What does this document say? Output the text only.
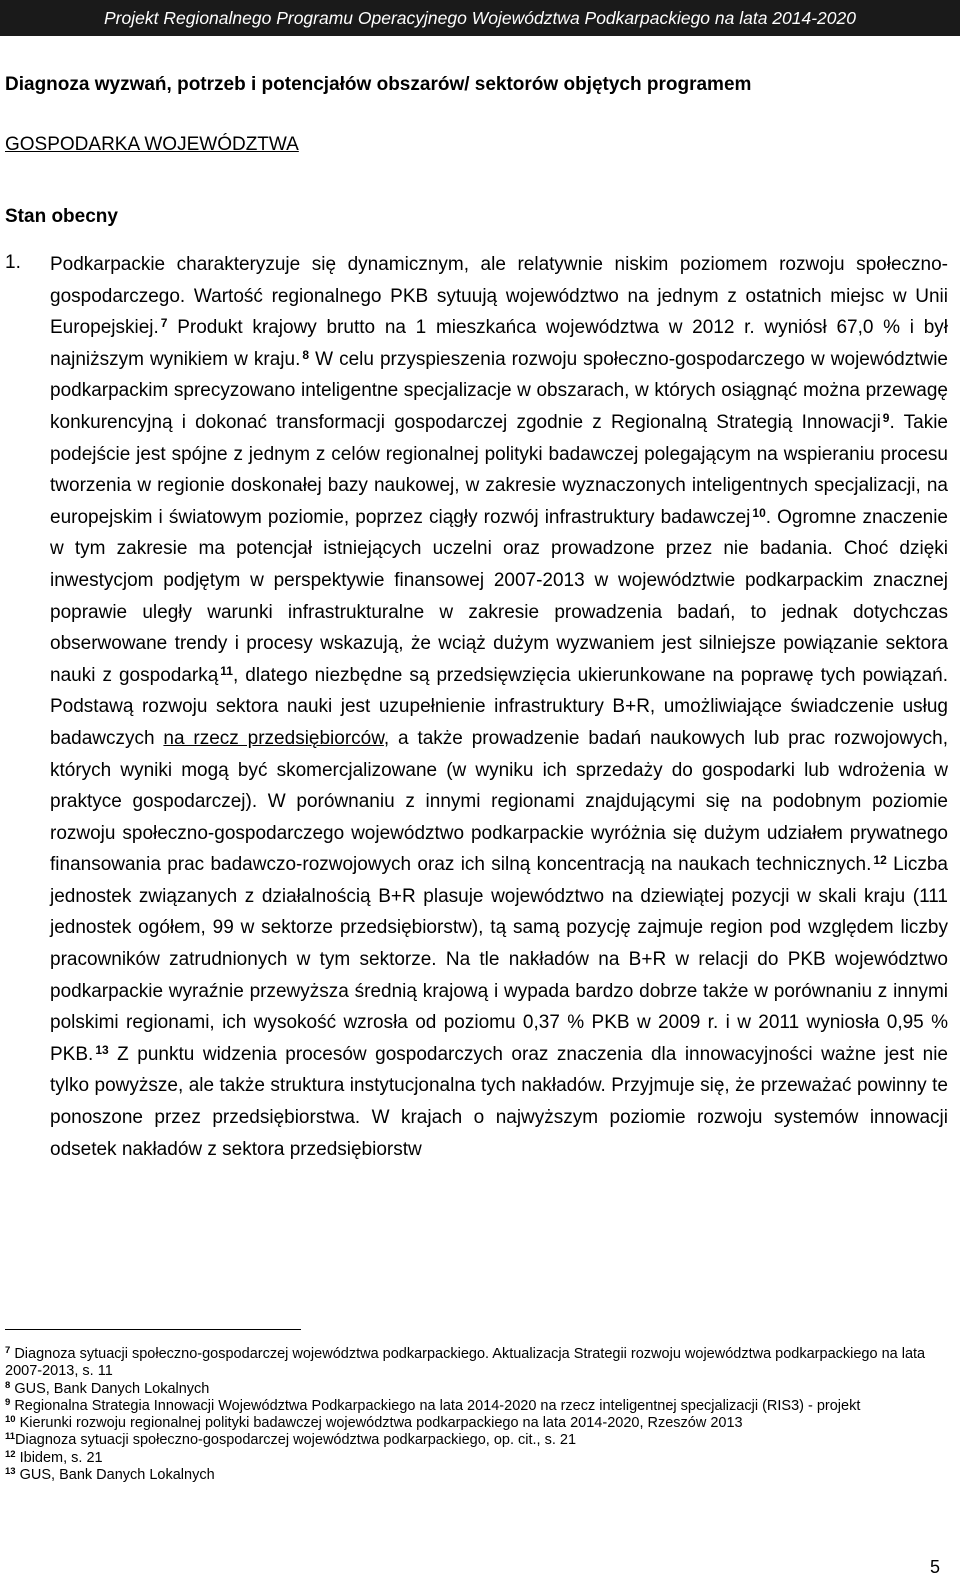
Projekt Regionalnego Programu Operacyjnego Województwa Podkarpackiego na lata 2014-2020
Diagnoza wyzwań, potrzeb i potencjałów obszarów/ sektorów objętych programem
GOSPODARKA WOJEWÓDZTWA
Stan obecny
1.	Podkarpackie charakteryzuje się dynamicznym, ale relatywnie niskim poziomem rozwoju społeczno-gospodarczego. Wartość regionalnego PKB sytuują województwo na jednym z ostatnich miejsc w Unii Europejskiej. $^7$ Produkt krajowy brutto na 1 mieszkańca województwa w 2012 r. wyniósł 67,0 % i był najniższym wynikiem w kraju. $^8$ W celu przyspieszenia rozwoju społeczno-gospodarczego w województwie podkarpackim sprecyzowano inteligentne specjalizacje w obszarach, w których osiągnąć można przewagę konkurencyjną i dokonać transformacji gospodarczej zgodnie z Regionalną Strategią Innowacji $^9$. Takie podejście jest spójne z jednym z celów regionalnej polityki badawczej polegającym na wspieraniu procesu tworzenia w regionie doskonałej bazy naukowej, w zakresie wyznaczonych inteligentnych specjalizacji, na europejskim i światowym poziomie, poprzez ciągły rozwój infrastruktury badawczej $^{10}$. Ogromne znaczenie w tym zakresie ma potencjał istniejących uczelni oraz prowadzone przez nie badania. Choć dzięki inwestycjom podjętym w perspektywie finansowej 2007-2013 w województwie podkarpackim znacznej poprawie uległy warunki infrastrukturalne w zakresie prowadzenia badań, to jednak dotychczas obserwowane trendy i procesy wskazują, że wciąż dużym wyzwaniem jest silniejsze powiązanie sektora nauki z gospodarką $^{11}$, dlatego niezbędne są przedsięwzięcia ukierunkowane na poprawę tych powiązań. Podstawą rozwoju sektora nauki jest uzupełnienie infrastruktury B+R, umożliwiające świadczenie usług badawczych na rzecz przedsiębiorców, a także prowadzenie badań naukowych lub prac rozwojowych, których wyniki mogą być skomercjalizowane (w wyniku ich sprzedaży do gospodarki lub wdrożenia w praktyce gospodarczej). W porównaniu z innymi regionami znajdującymi się na podobnym poziomie rozwoju społeczno-gospodarczego województwo podkarpackie wyróżnia się dużym udziałem prywatnego finansowania prac badawczo-rozwojowych oraz ich silną koncentracją na naukach technicznych. $^{12}$ Liczba jednostek związanych z działalnością B+R plasuje województwo na dziewiątej pozycji w skali kraju (111 jednostek ogółem, 99 w sektorze przedsiębiorstw), tą samą pozycję zajmuje region pod względem liczby pracowników zatrudnionych w tym sektorze. Na tle nakładów na B+R w relacji do PKB województwo podkarpackie wyraźnie przewyższa średnią krajową i wypada bardzo dobrze także w porównaniu z innymi polskimi regionami, ich wysokość wzrosła od poziomu 0,37 % PKB w 2009 r. i w 2011 wyniosła 0,95 % PKB. $^{13}$ Z punktu widzenia procesów gospodarczych oraz znaczenia dla innowacyjności ważne jest nie tylko powyższe, ale także struktura instytucjonalna tych nakładów. Przyjmuje się, że przeważać powinny te ponoszone przez przedsiębiorstwa. W krajach o najwyższym poziomie rozwoju systemów innowacji odsetek nakładów z sektora przedsiębiorstw
$^7$ Diagnoza sytuacji społeczno-gospodarczej województwa podkarpackiego. Aktualizacja Strategii rozwoju województwa podkarpackiego na lata 2007-2013, s. 11
$^8$ GUS, Bank Danych Lokalnych
$^9$ Regionalna Strategia Innowacji Województwa Podkarpackiego na lata 2014-2020 na rzecz inteligentnej specjalizacji (RIS3) - projekt
$^{10}$ Kierunki rozwoju regionalnej polityki badawczej województwa podkarpackiego na lata 2014-2020, Rzeszów 2013
$^{11}$Diagnoza sytuacji społeczno-gospodarczej województwa podkarpackiego, op. cit., s. 21
$^{12}$ Ibidem, s. 21
$^{13}$ GUS, Bank Danych Lokalnych
5
